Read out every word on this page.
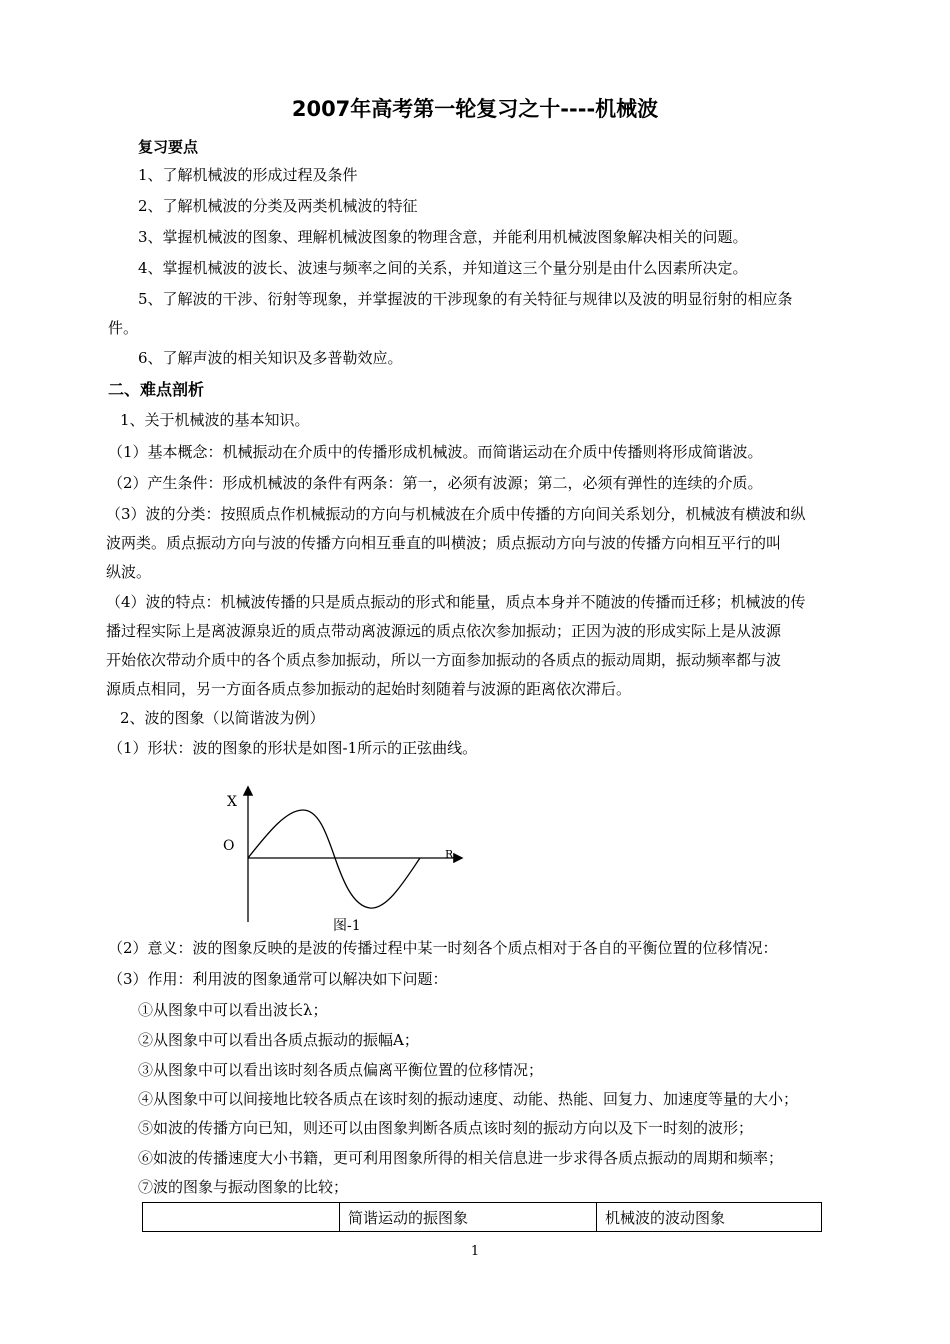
2007年高考第一轮复习之十----机械波
复习要点
1、了解机械波的形成过程及条件
2、了解机械波的分类及两类机械波的特征
3、掌握机械波的图象、理解机械波图象的物理含意，并能利用机械波图象解决相关的问题。
4、掌握机械波的波长、波速与频率之间的关系，并知道这三个量分别是由什么因素所决定。
5、了解波的干涉、衍射等现象，并掌握波的干涉现象的有关特征与规律以及波的明显衍射的相应条
件。
6、了解声波的相关知识及多普勒效应。
二、难点剖析
1、关于机械波的基本知识。
（1）基本概念：机械振动在介质中的传播形成机械波。而简谐运动在介质中传播则将形成简谐波。
（2）产生条件：形成机械波的条件有两条：第一，必须有波源；第二，必须有弹性的连续的介质。
（3）波的分类：按照质点作机械振动的方向与机械波在介质中传播的方向间关系划分，机械波有横波和纵
波两类。质点振动方向与波的传播方向相互垂直的叫横波；质点振动方向与波的传播方向相互平行的叫
纵波。
（4）波的特点：机械波传播的只是质点振动的形式和能量，质点本身并不随波的传播而迁移；机械波的传
播过程实际上是离波源泉近的质点带动离波源远的质点依次参加振动；正因为波的形成实际上是从波源
开始依次带动介质中的各个质点参加振动，所以一方面参加振动的各质点的振动周期，振动频率都与波
源质点相同，另一方面各质点参加振动的起始时刻随着与波源的距离依次滞后。
2、波的图象（以简谐波为例）
（1）形状：波的图象的形状是如图-1所示的正弦曲线。
X
O
R
图-1
（2）意义：波的图象反映的是波的传播过程中某一时刻各个质点相对于各自的平衡位置的位移情况：
（3）作用：利用波的图象通常可以解决如下问题：
①从图象中可以看出波长λ；
②从图象中可以看出各质点振动的振幅A；
③从图象中可以看出该时刻各质点偏离平衡位置的位移情况；
④从图象中可以间接地比较各质点在该时刻的振动速度、动能、热能、回复力、加速度等量的大小；
⑤如波的传播方向已知，则还可以由图象判断各质点该时刻的振动方向以及下一时刻的波形；
⑥如波的传播速度大小书籍，更可利用图象所得的相关信息进一步求得各质点振动的周期和频率；
⑦波的图象与振动图象的比较；
	简谐运动的振图象	机械波的波动图象
1
